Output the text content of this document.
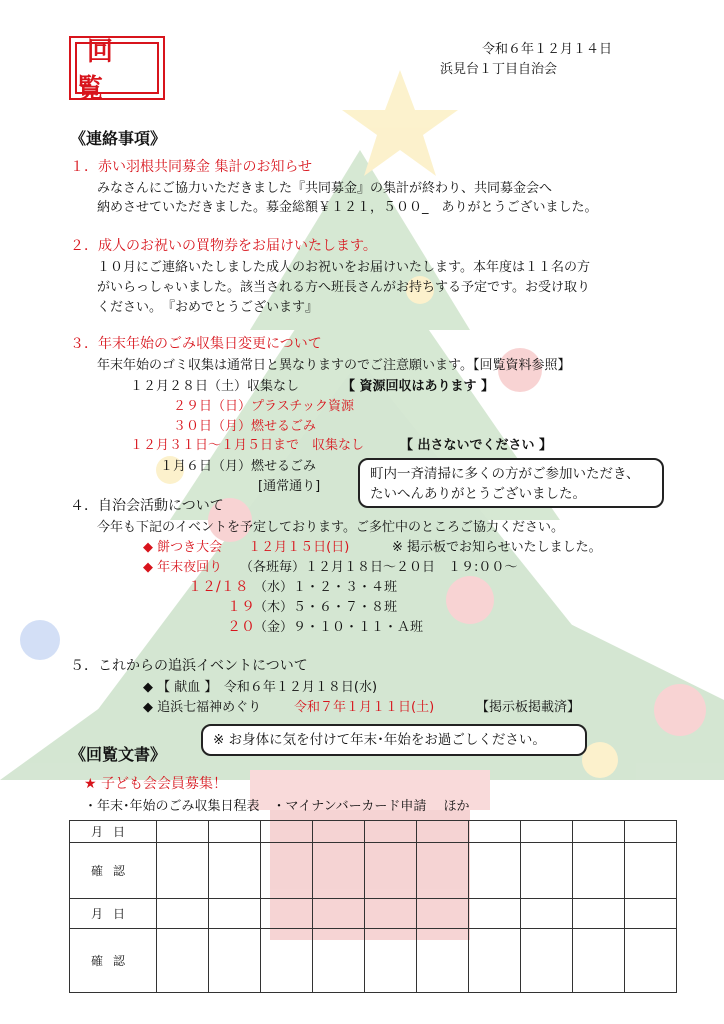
回覧
令和６年１２月１４日
浜見台１丁目自治会
《連絡事項》
１．赤い羽根共同募金 集計のお知らせ
みなさんにご協力いただきました『共同募金』の集計が終わり、共同募金会へ
納めさせていただきました。募金総額￥１２１，５００_　ありがとうございました。
２．成人のお祝いの買物券をお届けいたします。
１０月にご連絡いたしました成人のお祝いをお届けいたします。本年度は１１名の方
がいらっしゃいました。該当される方へ班長さんがお持ちする予定です。お受け取り
ください。　『おめでとうございます』
３．年末年始のごみ収集日変更について
年末年始のゴミ収集は通常日と異なりますのでご注意願います。【回覧資料参照】
１２月２８日（土）収集なし	【 資源回収はあります 】
２９日（日）プラスチック資源
３０日（月）燃せるごみ
１２月３１日～１月５日まで　収集なし	【 出さないでください 】
１月６日（月）燃せるごみ
[通常通り]
町内一斉清掃に多くの方がご参加いただき、
たいへんありがとうございました。
４．自治会活動について
今年も下記のイベントを予定しております。ご多忙中のところご協力ください。
◆ 餅つき大会　　１２月１５日(日)	※ 掲示板でお知らせいたしました。
◆ 年末夜回り （各班毎）１２月１８日～２０日　１９:００～
１２/１８ （水）１・２・３・４班
１９ （木）５・６・７・８班
２０ （金）９・１０・１１・Ａ班
５．これからの追浜イベントについて
◆ 【 献血 】　令和６年１２月１８日(水)
◆ 追浜七福神めぐり	令和７年１月１１日(土)	【掲示板掲載済】
※ お身体に気を付けて年末･年始をお過ごしください。
《回覧文書》
★ 子ども会会員募集！
・年末･年始のごみ収集日程表　・マイナンバーカード申請　 ほか
月日										
確認										
月日										
確認										
